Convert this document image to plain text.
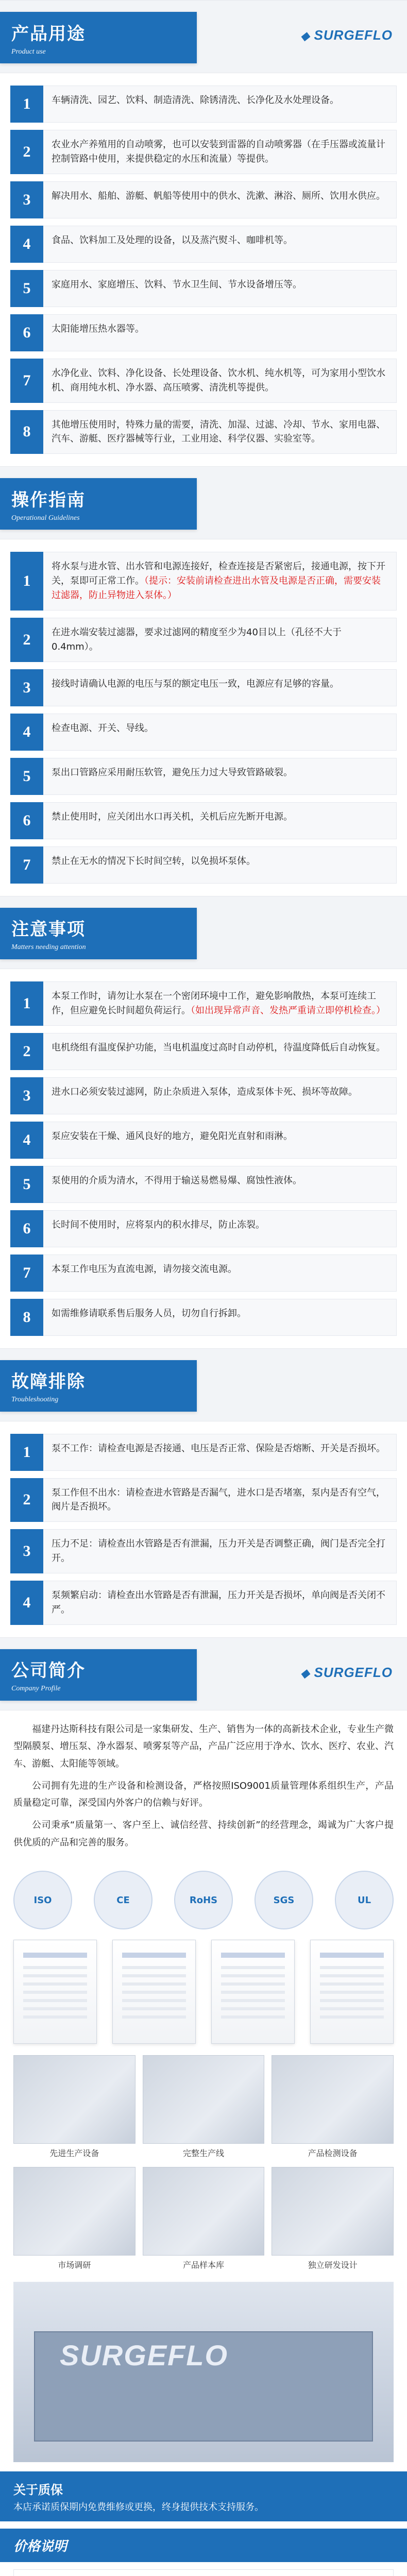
产品用途
Product use
◆ SURGEFLO
1	车辆清洗、园艺、饮料、制造清洗、除锈清洗、长净化及水处理设备。
2	农业水产养殖用的自动喷雾，也可以安装到雷器的自动喷雾器（在手压器或流量计控制管路中使用，来提供稳定的水压和流量）等提供。
3	解决用水、船舶、游艇、帆船等使用中的供水、洗漱、淋浴、厕所、饮用水供应。
4	食品、饮料加工及处理的设备，以及蒸汽熨斗、咖啡机等。
5	家庭用水、家庭增压、饮料、节水卫生间、节水设备增压等。
6	太阳能增压热水器等。
7	水净化业、饮料、净化设备、长处理设备、饮水机、纯水机等，可为家用小型饮水机、商用纯水机、净水器、高压喷雾、清洗机等提供。
8	其他增压使用时，特殊力量的需要，清洗、加湿、过滤、冷却、节水、家用电器、汽车、游艇、医疗器械等行业，工业用途、科学仪器、实验室等。
操作指南
Operational Guidelines
1
将水泵与进水管、出水管和电源连接好，检查连接是否紧密后，接通电源，按下开关，泵即可正常工作。（提示：安装前请检查进出水管及电源是否正确，需要安装过滤器，防止异物进入泵体。）
2	在进水端安装过滤器，要求过滤网的精度至少为40目以上（孔径不大于0.4mm）。
3	接线时请确认电源的电压与泵的额定电压一致，电源应有足够的容量。
4	检查电源、开关、导线。
5	泵出口管路应采用耐压软管，避免压力过大导致管路破裂。
6	禁止使用时，应关闭出水口再关机，关机后应先断开电源。
7	禁止在无水的情况下长时间空转，以免损坏泵体。
注意事项
Matters needing attention
1	本泵工作时，请勿让水泵在一个密闭环境中工作，避免影响散热，本泵可连续工作，但应避免长时间超负荷运行。（如出现异常声音、发热严重请立即停机检查。）
2	电机绕组有温度保护功能，当电机温度过高时自动停机，待温度降低后自动恢复。
3	进水口必须安装过滤网，防止杂质进入泵体，造成泵体卡死、损坏等故障。
4	泵应安装在干燥、通风良好的地方，避免阳光直射和雨淋。
5	泵使用的介质为清水，不得用于输送易燃易爆、腐蚀性液体。
6	长时间不使用时，应将泵内的积水排尽，防止冻裂。
7	本泵工作电压为直流电源，请勿接交流电源。
8	如需维修请联系售后服务人员，切勿自行拆卸。
故障排除
Troubleshooting
1	泵不工作：请检查电源是否接通、电压是否正常、保险是否熔断、开关是否损坏。
2	泵工作但不出水：请检查进水管路是否漏气，进水口是否堵塞，泵内是否有空气，阀片是否损坏。
3	压力不足：请检查出水管路是否有泄漏，压力开关是否调整正确，阀门是否完全打开。
4	泵频繁启动：请检查出水管路是否有泄漏，压力开关是否损坏，单向阀是否关闭不严。
公司简介
Company Profile
◆ SURGEFLO

福建丹达斯科技有限公司是一家集研发、生产、销售为一体的高新技术企业，专业生产微型隔膜泵、增压泵、净水器泵、喷雾泵等产品，产品广泛应用于净水、饮水、医疗、农业、汽车、游艇、太阳能等领域。

公司拥有先进的生产设备和检测设备，严格按照ISO9001质量管理体系组织生产，产品质量稳定可靠，深受国内外客户的信赖与好评。

公司秉承“质量第一、客户至上、诚信经营、持续创新”的经营理念，竭诚为广大客户提供优质的产品和完善的服务。

ISO	CE	RoHS	SGS	UL
先进生产设备	完整生产线	产品检测设备
市场调研	产品样本库	独立研发设计
SURGEFLO
关于质保
本店承诺质保期内免费维修或更换，终身提供技术支持服务。
价格说明
